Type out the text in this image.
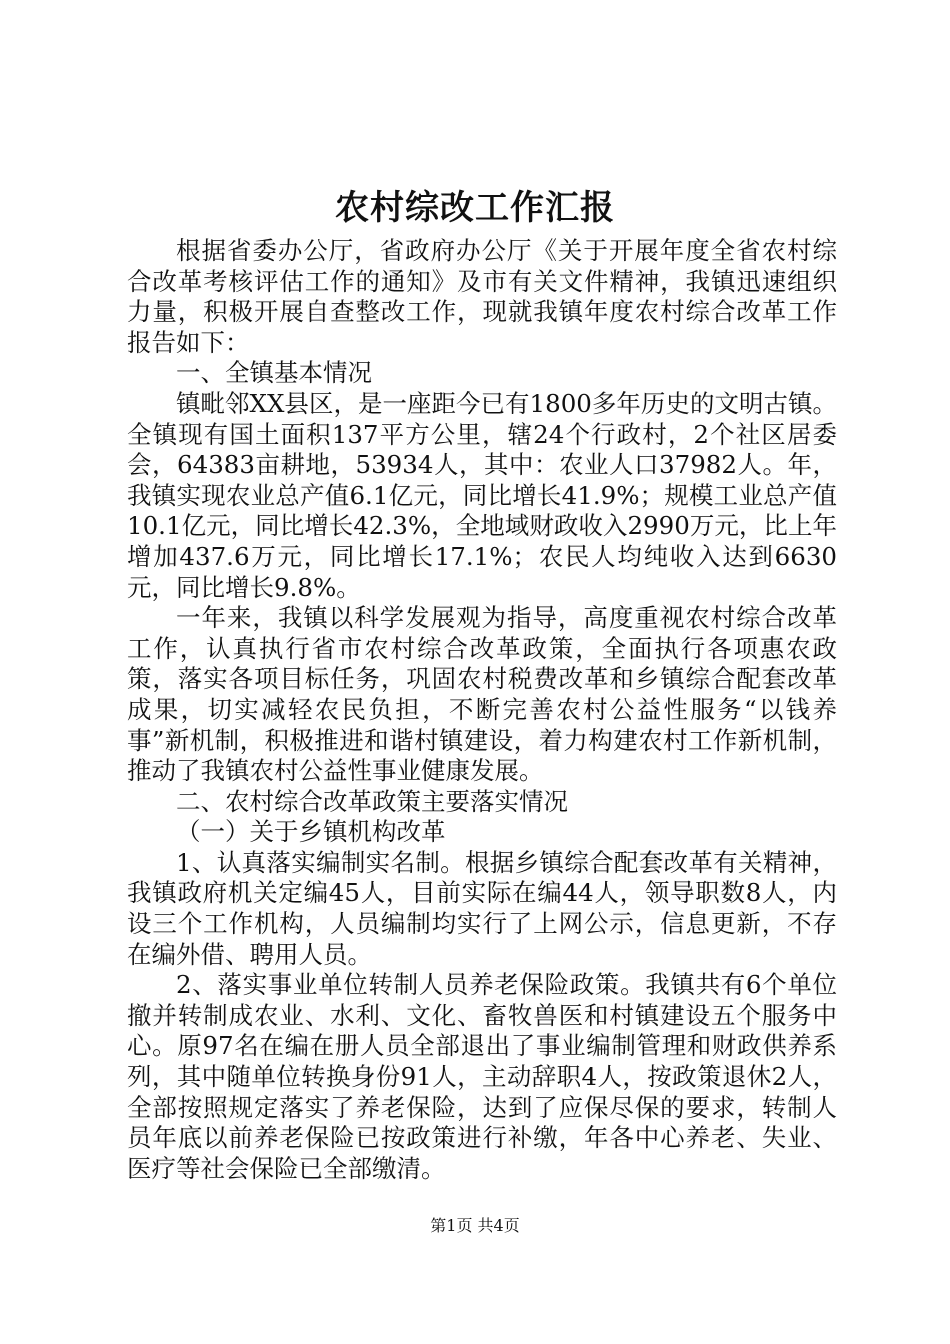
农村综改工作汇报

根据省委办公厅，省政府办公厅《关于开展年度全省农村综合改革考核评估工作的通知》及市有关文件精神，我镇迅速组织力量，积极开展自查整改工作，现就我镇年度农村综合改革工作报告如下：

一、全镇基本情况

镇毗邻XX县区，是一座距今已有1800多年历史的文明古镇。全镇现有国土面积137平方公里，辖24个行政村，2个社区居委会，64383亩耕地，53934人，其中：农业人口37982人。年，我镇实现农业总产值6.1亿元，同比增长41.9%；规模工业总产值10.1亿元，同比增长42.3%，全地域财政收入2990万元，比上年增加437.6万元，同比增长17.1%；农民人均纯收入达到6630元，同比增长9.8%。

一年来，我镇以科学发展观为指导，高度重视农村综合改革工作，认真执行省市农村综合改革政策，全面执行各项惠农政策，落实各项目标任务，巩固农村税费改革和乡镇综合配套改革成果，切实减轻农民负担，不断完善农村公益性服务“以钱养事”新机制，积极推进和谐村镇建设，着力构建农村工作新机制，推动了我镇农村公益性事业健康发展。

二、农村综合改革政策主要落实情况

（一）关于乡镇机构改革

1、认真落实编制实名制。根据乡镇综合配套改革有关精神，我镇政府机关定编45人，目前实际在编44人，领导职数8人，内设三个工作机构，人员编制均实行了上网公示，信息更新，不存在编外借、聘用人员。

2、落实事业单位转制人员养老保险政策。我镇共有6个单位撤并转制成农业、水利、文化、畜牧兽医和村镇建设五个服务中心。原97名在编在册人员全部退出了事业编制管理和财政供养系列，其中随单位转换身份91人，主动辞职4人，按政策退休2人，全部按照规定落实了养老保险，达到了应保尽保的要求，转制人员年底以前养老保险已按政策进行补缴，年各中心养老、失业、医疗等社会保险已全部缴清。

第1页 共4页
